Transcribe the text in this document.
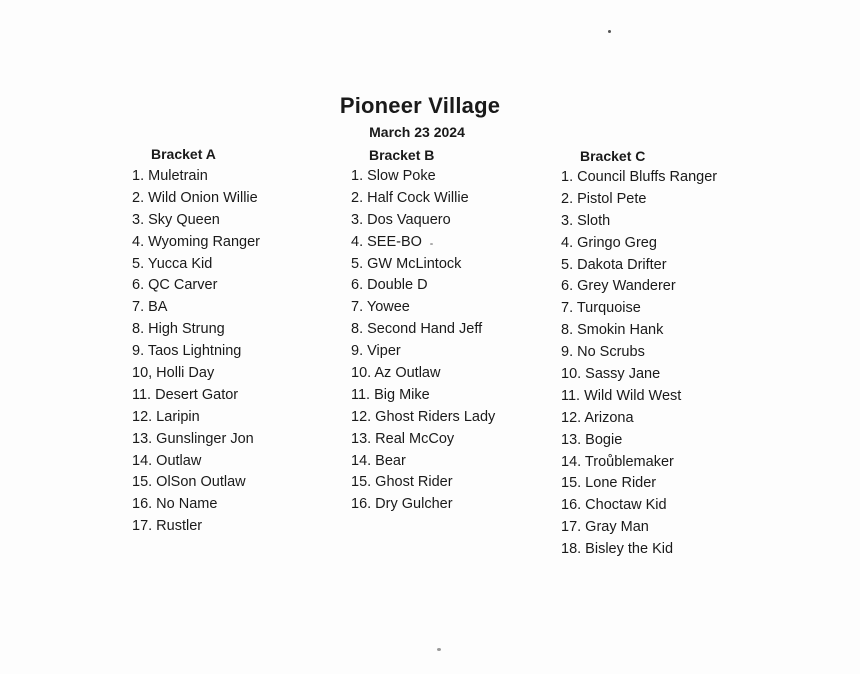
Pioneer Village
March 23 2024
Bracket A
1. Muletrain
2. Wild Onion Willie
3. Sky Queen
4. Wyoming Ranger
5. Yucca Kid
6. QC Carver
7. BA
8. High Strung
9. Taos Lightning
10, Holli Day
11. Desert Gator
12. Laripin
13. Gunslinger Jon
14. Outlaw
15. OlSon Outlaw
16. No Name
17. Rustler
Bracket B
1. Slow Poke
2. Half Cock Willie
3. Dos Vaquero
4. SEE-BO
5. GW McLintock
6. Double D
7. Yowee
8. Second Hand Jeff
9. Viper
10. Az Outlaw
11. Big Mike
12. Ghost Riders Lady
13. Real McCoy
14. Bear
15. Ghost Rider
16. Dry Gulcher
Bracket C
1. Council Bluffs Ranger
2. Pistol Pete
3. Sloth
4. Gringo Greg
5. Dakota Drifter
6. Grey Wanderer
7. Turquoise
8. Smokin Hank
9. No Scrubs
10. Sassy Jane
11. Wild Wild West
12. Arizona
13. Bogie
14. Troůblemaker
15. Lone Rider
16. Choctaw Kid
17. Gray Man
18. Bisley the Kid
